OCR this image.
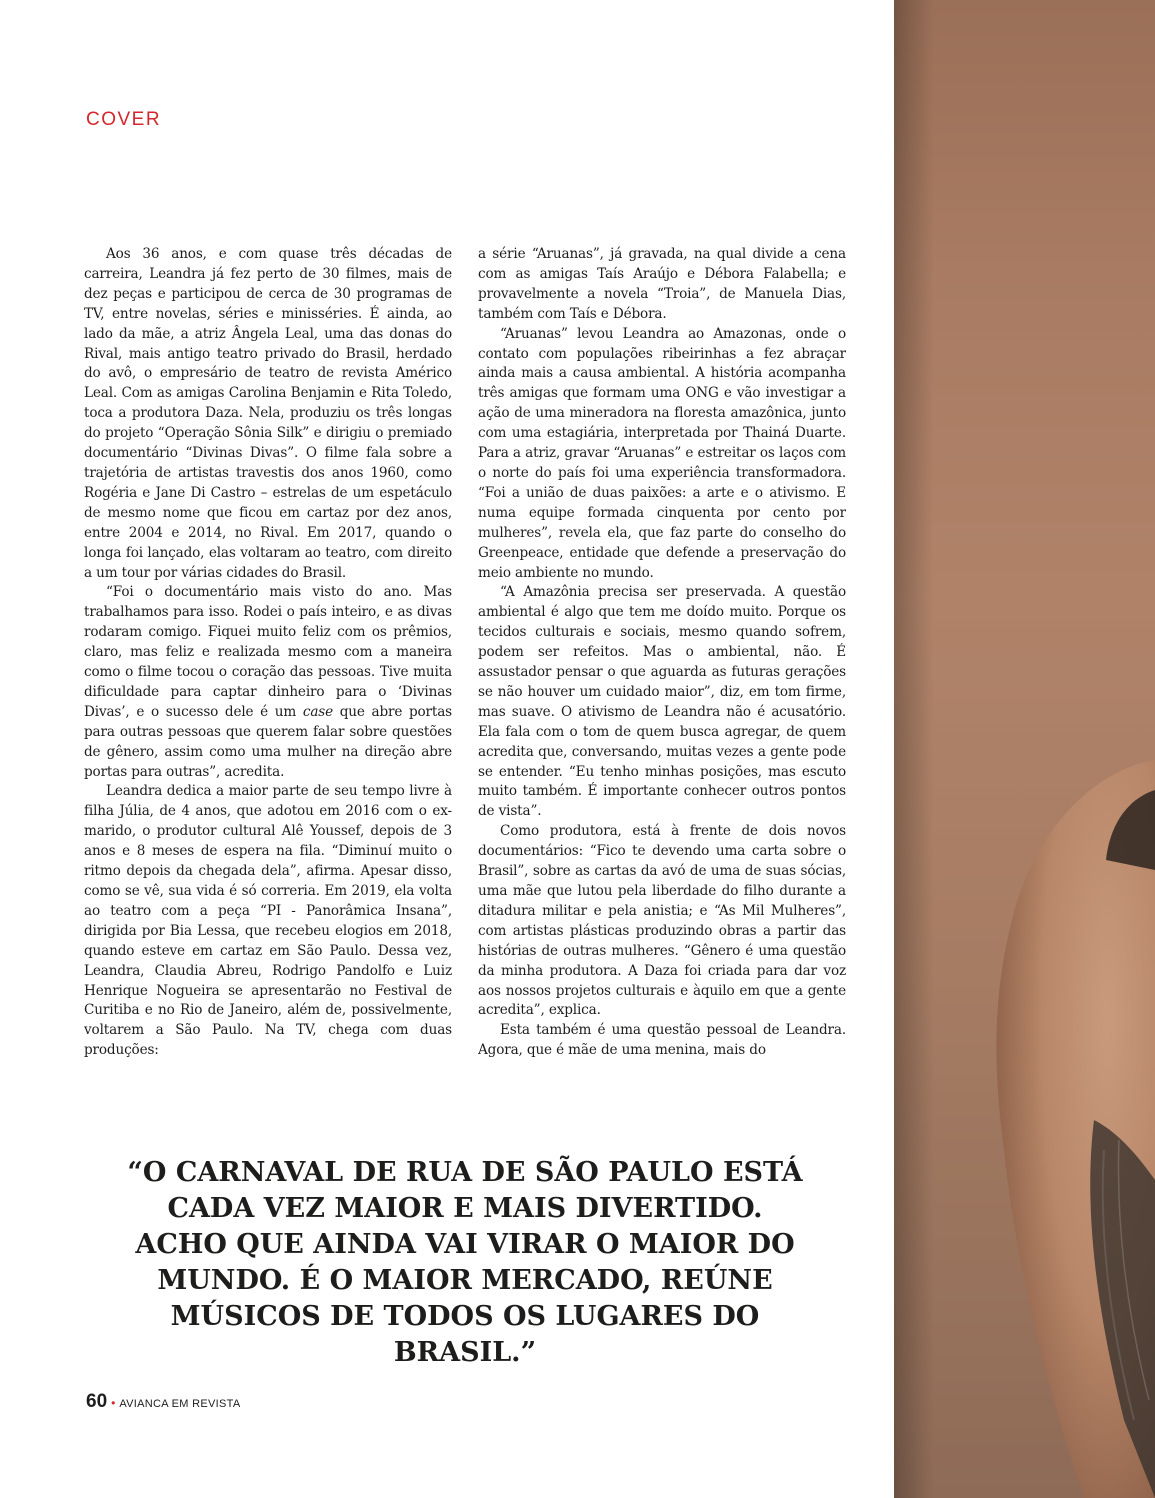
COVER

Aos 36 anos, e com quase três décadas de carreira, Leandra já fez perto de 30 filmes, mais de dez peças e participou de cerca de 30 programas de TV, entre novelas, séries e minisséries. É ainda, ao lado da mãe, a atriz Ângela Leal, uma das donas do Rival, mais antigo teatro privado do Brasil, herdado do avô, o empresário de teatro de revista Américo Leal. Com as amigas Carolina Benjamin e Rita Toledo, toca a produtora Daza. Nela, produziu os três longas do projeto “Operação Sônia Silk” e dirigiu o premiado documentário “Divinas Divas”. O filme fala sobre a trajetória de artistas travestis dos anos 1960, como Rogéria e Jane Di Castro – estrelas de um espetáculo de mesmo nome que ficou em cartaz por dez anos, entre 2004 e 2014, no Rival. Em 2017, quando o longa foi lançado, elas voltaram ao teatro, com direito a um tour por várias cidades do Brasil.

“Foi o documentário mais visto do ano. Mas trabalhamos para isso. Rodei o país inteiro, e as divas rodaram comigo. Fiquei muito feliz com os prêmios, claro, mas feliz e realizada mesmo com a maneira como o filme tocou o coração das pessoas. Tive muita dificuldade para captar dinheiro para o ‘Divinas Divas’, e o sucesso dele é um case que abre portas para outras pessoas que querem falar sobre questões de gênero, assim como uma mulher na direção abre portas para outras”, acredita.

Leandra dedica a maior parte de seu tempo livre à filha Júlia, de 4 anos, que adotou em 2016 com o ex-marido, o produtor cultural Alê Youssef, depois de 3 anos e 8 meses de espera na fila. “Diminuí muito o ritmo depois da chegada dela”, afirma. Apesar disso, como se vê, sua vida é só correria. Em 2019, ela volta ao teatro com a peça “PI - Panorâmica Insana”, dirigida por Bia Lessa, que recebeu elogios em 2018, quando esteve em cartaz em São Paulo. Dessa vez, Leandra, Claudia Abreu, Rodrigo Pandolfo e Luiz Henrique Nogueira se apresentarão no Festival de Curitiba e no Rio de Janeiro, além de, possivelmente, voltarem a São Paulo. Na TV, chega com duas produções:

a série “Aruanas”, já gravada, na qual divide a cena com as amigas Taís Araújo e Débora Falabella; e provavelmente a novela “Troia”, de Manuela Dias, também com Taís e Débora.

“Aruanas” levou Leandra ao Amazonas, onde o contato com populações ribeirinhas a fez abraçar ainda mais a causa ambiental. A história acompanha três amigas que formam uma ONG e vão investigar a ação de uma mineradora na floresta amazônica, junto com uma estagiária, interpretada por Thainá Duarte. Para a atriz, gravar “Aruanas” e estreitar os laços com o norte do país foi uma experiência transformadora. “Foi a união de duas paixões: a arte e o ativismo. E numa equipe formada cinquenta por cento por mulheres”, revela ela, que faz parte do conselho do Greenpeace, entidade que defende a preservação do meio ambiente no mundo.

“A Amazônia precisa ser preservada. A questão ambiental é algo que tem me doído muito. Porque os tecidos culturais e sociais, mesmo quando sofrem, podem ser refeitos. Mas o ambiental, não. É assustador pensar o que aguarda as futuras gerações se não houver um cuidado maior”, diz, em tom firme, mas suave. O ativismo de Leandra não é acusatório. Ela fala com o tom de quem busca agregar, de quem acredita que, conversando, muitas vezes a gente pode se entender. “Eu tenho minhas posições, mas escuto muito também. É importante conhecer outros pontos de vista”.

Como produtora, está à frente de dois novos documentários: “Fico te devendo uma carta sobre o Brasil”, sobre as cartas da avó de uma de suas sócias, uma mãe que lutou pela liberdade do filho durante a ditadura militar e pela anistia; e “As Mil Mulheres”, com artistas plásticas produzindo obras a partir das histórias de outras mulheres. “Gênero é uma questão da minha produtora. A Daza foi criada para dar voz aos nossos projetos culturais e àquilo em que a gente acredita”, explica.

Esta também é uma questão pessoal de Leandra. Agora, que é mãe de uma menina, mais do

“O CARNAVAL DE RUA DE SÃO PAULO ESTÁ CADA VEZ MAIOR E MAIS DIVERTIDO. ACHO QUE AINDA VAI VIRAR O MAIOR DO MUNDO. É O MAIOR MERCADO, REÚNE MÚSICOS DE TODOS OS LUGARES DO BRASIL.”
60 • AVIANCA EM REVISTA
